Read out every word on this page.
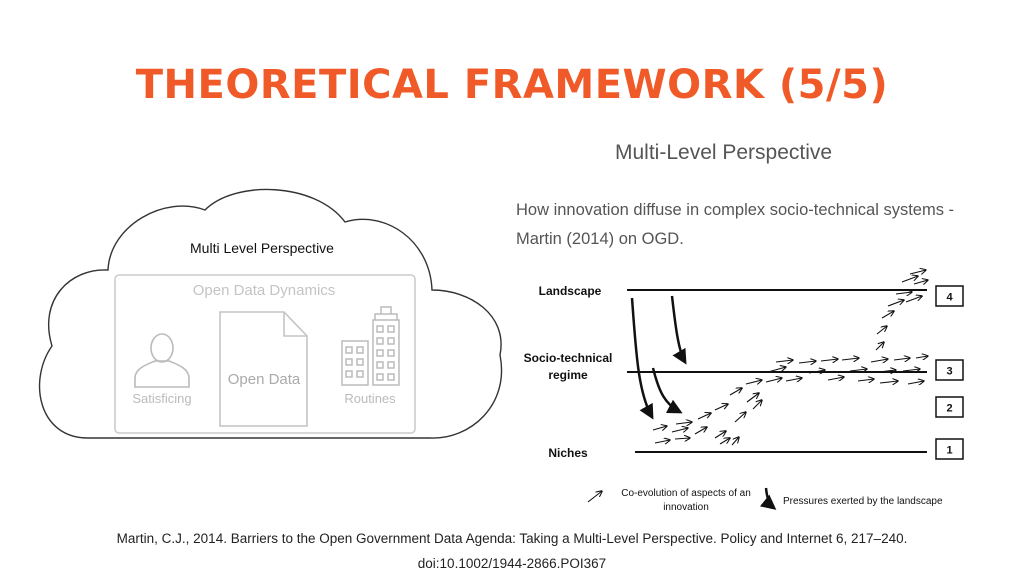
THEORETICAL FRAMEWORK (5/5)
Multi-Level Perspective
How innovation diffuse in complex socio-technical systems - Martin (2014) on OGD.
Multi Level Perspective
Open Data Dynamics
Satisficing
Open Data
Routines
Landscape
Socio-technical
regime
Niches
4
3
2
1
Co-evolution of aspects of an
innovation
Pressures exerted by the landscape
Martin, C.J., 2014. Barriers to the Open Government Data Agenda: Taking a Multi-Level Perspective. Policy and Internet 6, 217–240.
doi:10.1002/1944-2866.POI367
